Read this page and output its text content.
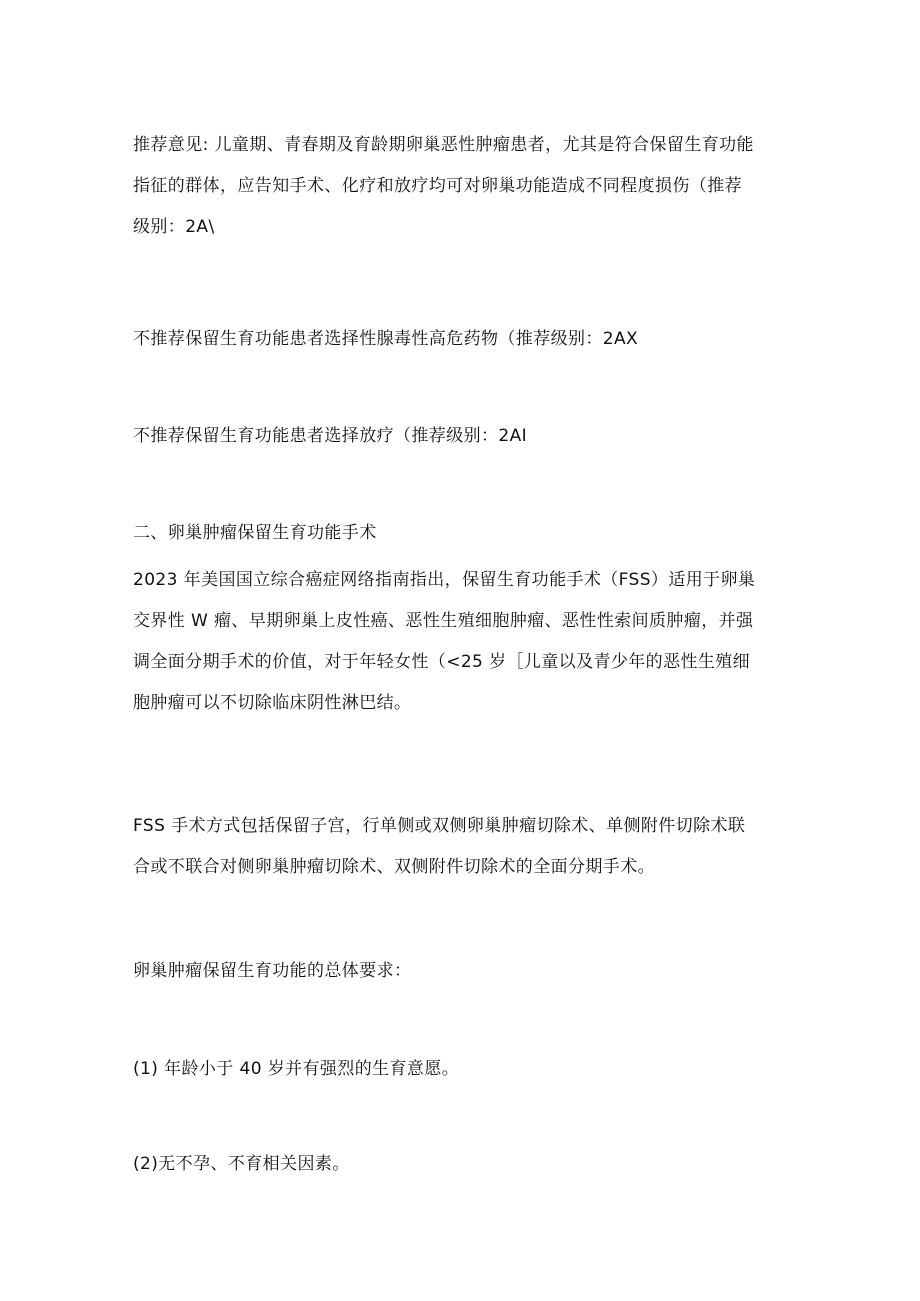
推荐意见: 儿童期、青春期及育龄期卵巢恶性肿瘤患者，尤其是符合保留生育功能
指征的群体，应告知手术、化疗和放疗均可对卵巢功能造成不同程度损伤（推荐
级别：2A\

不推荐保留生育功能患者选择性腺毒性高危药物（推荐级别：2AX

不推荐保留生育功能患者选择放疗（推荐级别：2AI

二、卵巢肿瘤保留生育功能手术

2023 年美国国立综合癌症网络指南指出，保留生育功能手术（FSS）适用于卵巢
交界性 W 瘤、早期卵巢上皮性癌、恶性生殖细胞肿瘤、恶性性索间质肿瘤，并强
调全面分期手术的价值，对于年轻女性（<25 岁［儿童以及青少年的恶性生殖细
胞肿瘤可以不切除临床阴性淋巴结。

FSS 手术方式包括保留子宫，行单侧或双侧卵巢肿瘤切除术、单侧附件切除术联
合或不联合对侧卵巢肿瘤切除术、双侧附件切除术的全面分期手术。

卵巢肿瘤保留生育功能的总体要求：

(1) 年龄小于 40 岁并有强烈的生育意愿。

(2)无不孕、不育相关因素。
